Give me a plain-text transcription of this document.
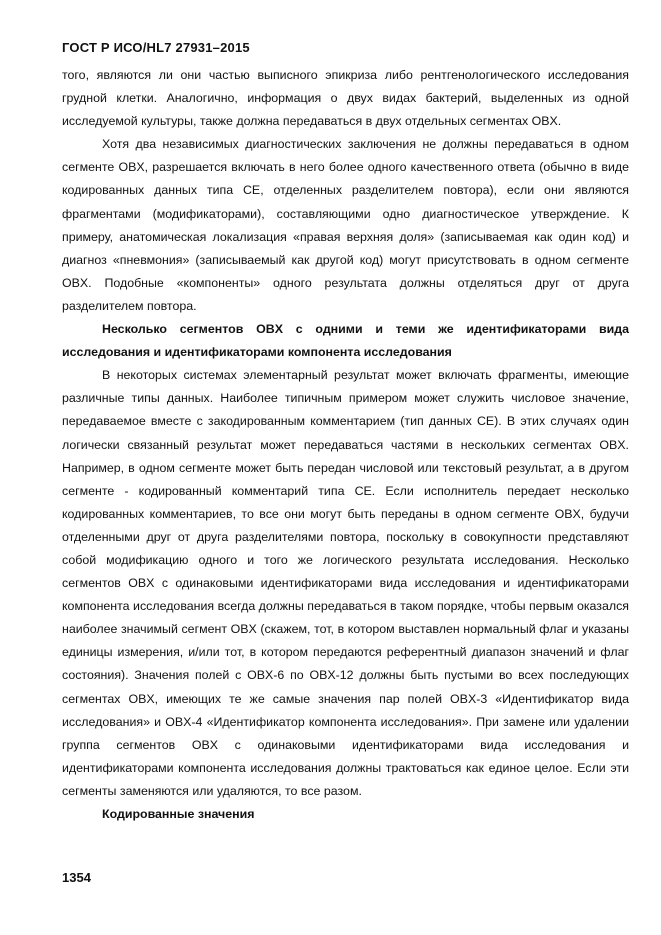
ГОСТ Р ИСО/HL7 27931–2015

того, являются ли они частью выписного эпикриза либо рентгенологического исследования грудной клетки. Аналогично, информация о двух видах бактерий, выделенных из одной исследуемой культуры, также должна передаваться в двух отдельных сегментах OBX.

Хотя два независимых диагностических заключения не должны передаваться в одном сегменте OBX, разрешается включать в него более одного качественного ответа (обычно в виде кодированных данных типа CE, отделенных разделителем повтора), если они являются фрагментами (модификаторами), составляющими одно диагностическое утверждение. К примеру, анатомическая локализация «правая верхняя доля» (записываемая как один код) и диагноз «пневмония» (записываемый как другой код) могут присутствовать в одном сегменте OBX. Подобные «компоненты» одного результата должны отделяться друг от друга разделителем повтора.

Несколько сегментов OBX с одними и теми же идентификаторами вида исследования и идентификаторами компонента исследования

В некоторых системах элементарный результат может включать фрагменты, имеющие различные типы данных. Наиболее типичным примером может служить числовое значение, передаваемое вместе с закодированным комментарием (тип данных CE). В этих случаях один логически связанный результат может передаваться частями в нескольких сегментах OBX. Например, в одном сегменте может быть передан числовой или текстовый результат, а в другом сегменте - кодированный комментарий типа CE. Если исполнитель передает несколько кодированных комментариев, то все они могут быть переданы в одном сегменте OBX, будучи отделенными друг от друга разделителями повтора, поскольку в совокупности представляют собой модификацию одного и того же логического результата исследования. Несколько сегментов OBX с одинаковыми идентификаторами вида исследования и идентификаторами компонента исследования всегда должны передаваться в таком порядке, чтобы первым оказался наиболее значимый сегмент OBX (скажем, тот, в котором выставлен нормальный флаг и указаны единицы измерения, и/или тот, в котором передаются референтный диапазон значений и флаг состояния). Значения полей с OBX-6 по OBX-12 должны быть пустыми во всех последующих сегментах OBX, имеющих те же самые значения пар полей OBX-3 «Идентификатор вида исследования» и OBX-4 «Идентификатор компонента исследования». При замене или удалении группа сегментов OBX с одинаковыми идентификаторами вида исследования и идентификаторами компонента исследования должны трактоваться как единое целое. Если эти сегменты заменяются или удаляются, то все разом.

Кодированные значения

1354
